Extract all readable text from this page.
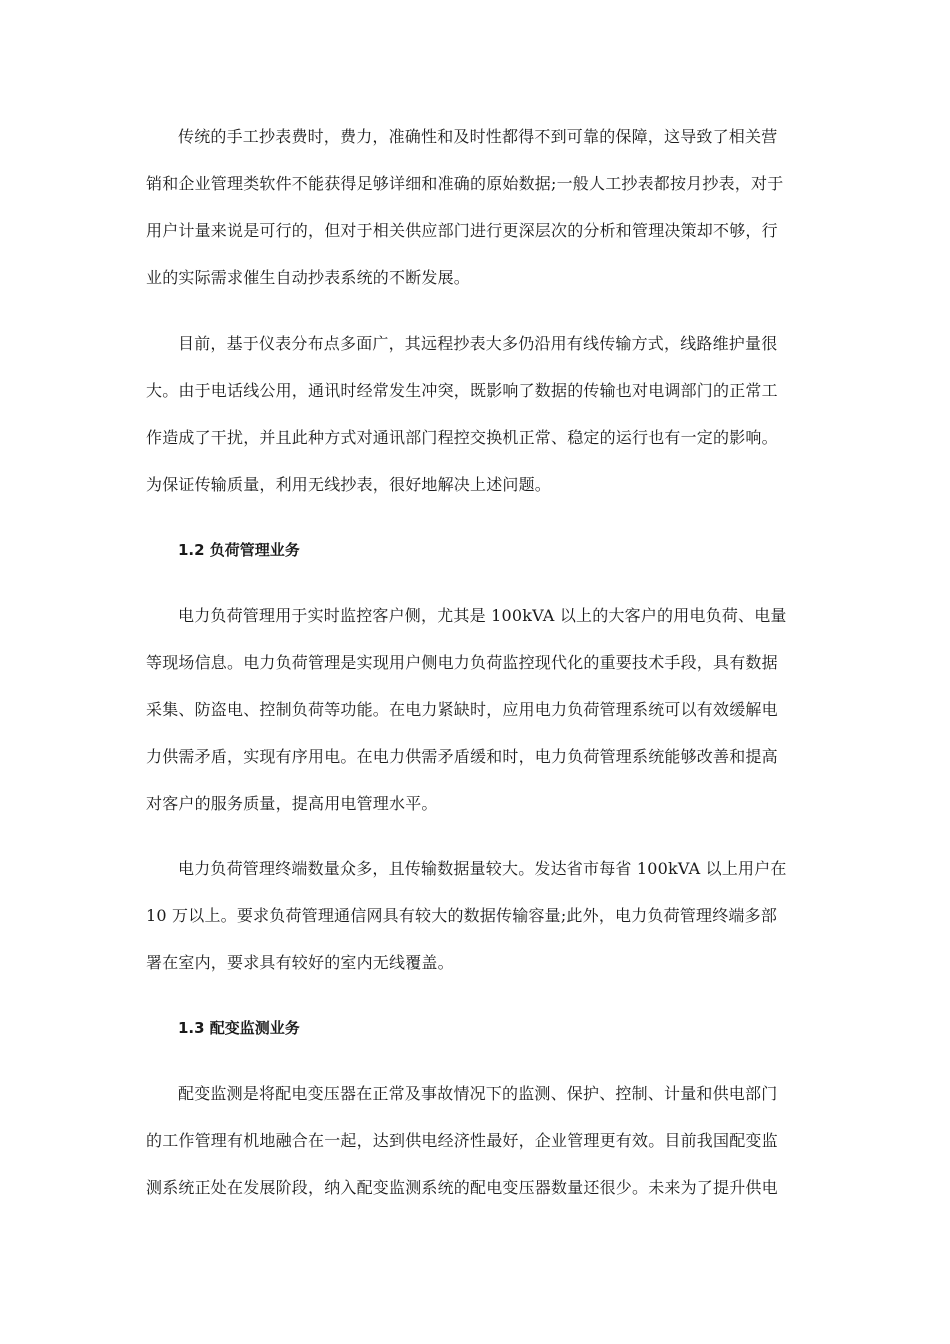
传统的手工抄表费时，费力，准确性和及时性都得不到可靠的保障，这导致了相关营
销和企业管理类软件不能获得足够详细和准确的原始数据;一般人工抄表都按月抄表，对于
用户计量来说是可行的，但对于相关供应部门进行更深层次的分析和管理决策却不够，行
业的实际需求催生自动抄表系统的不断发展。

目前，基于仪表分布点多面广，其远程抄表大多仍沿用有线传输方式，线路维护量很
大。由于电话线公用，通讯时经常发生冲突，既影响了数据的传输也对电调部门的正常工
作造成了干扰，并且此种方式对通讯部门程控交换机正常、稳定的运行也有一定的影响。
为保证传输质量，利用无线抄表，很好地解决上述问题。

1.2 负荷管理业务

电力负荷管理用于实时监控客户侧，尤其是 100kVA 以上的大客户的用电负荷、电量
等现场信息。电力负荷管理是实现用户侧电力负荷监控现代化的重要技术手段，具有数据
采集、防盗电、控制负荷等功能。在电力紧缺时，应用电力负荷管理系统可以有效缓解电
力供需矛盾，实现有序用电。在电力供需矛盾缓和时，电力负荷管理系统能够改善和提高
对客户的服务质量，提高用电管理水平。

电力负荷管理终端数量众多，且传输数据量较大。发达省市每省 100kVA 以上用户在
10 万以上。要求负荷管理通信网具有较大的数据传输容量;此外，电力负荷管理终端多部
署在室内，要求具有较好的室内无线覆盖。

1.3 配变监测业务

配变监测是将配电变压器在正常及事故情况下的监测、保护、控制、计量和供电部门
的工作管理有机地融合在一起，达到供电经济性最好，企业管理更有效。目前我国配变监
测系统正处在发展阶段，纳入配变监测系统的配电变压器数量还很少。未来为了提升供电
